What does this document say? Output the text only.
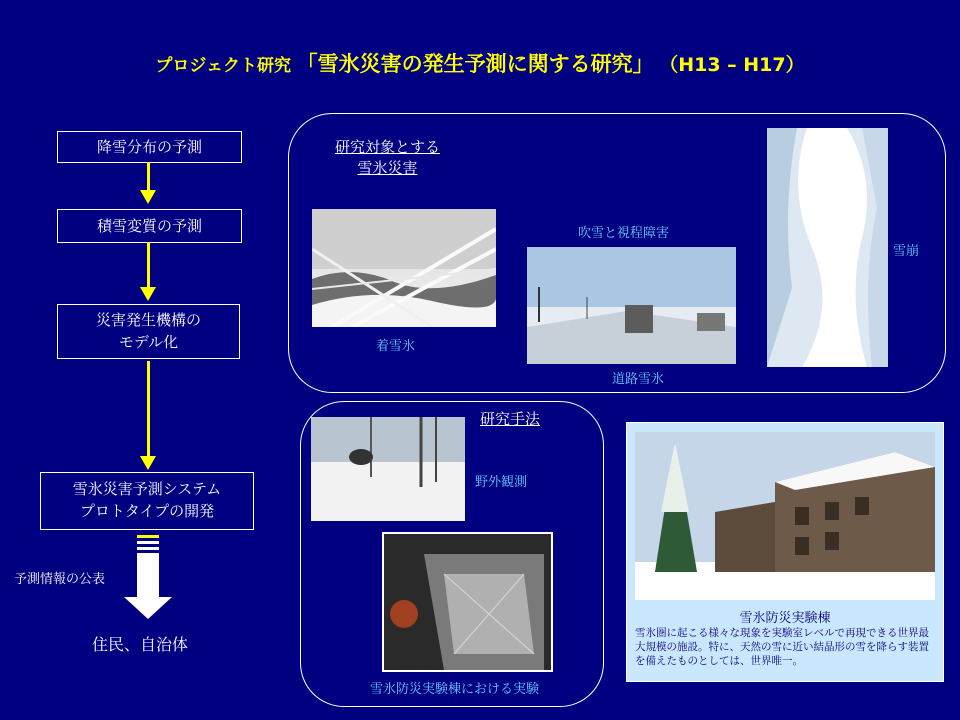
プロジェクト研究 「雪氷災害の発生予測に関する研究」 （H13 – H17）
降雪分布の予測
積雪変質の予測
災害発生機構の
モデル化
雪氷災害予測システム
プロトタイプの開発
予測情報の公表
住民、自治体
研究対象とする
雪氷災害
着雪氷
吹雪と視程障害
道路雪氷
雪崩
研究手法
野外観測
雪氷防災実験棟における実験
雪氷防災実験棟
雪氷圏に起こる様々な現象を実験室レベルで再現できる世界最大規模の施設。特に、天然の雪に近い結晶形の雪を降らす装置を備えたものとしては、世界唯一。
